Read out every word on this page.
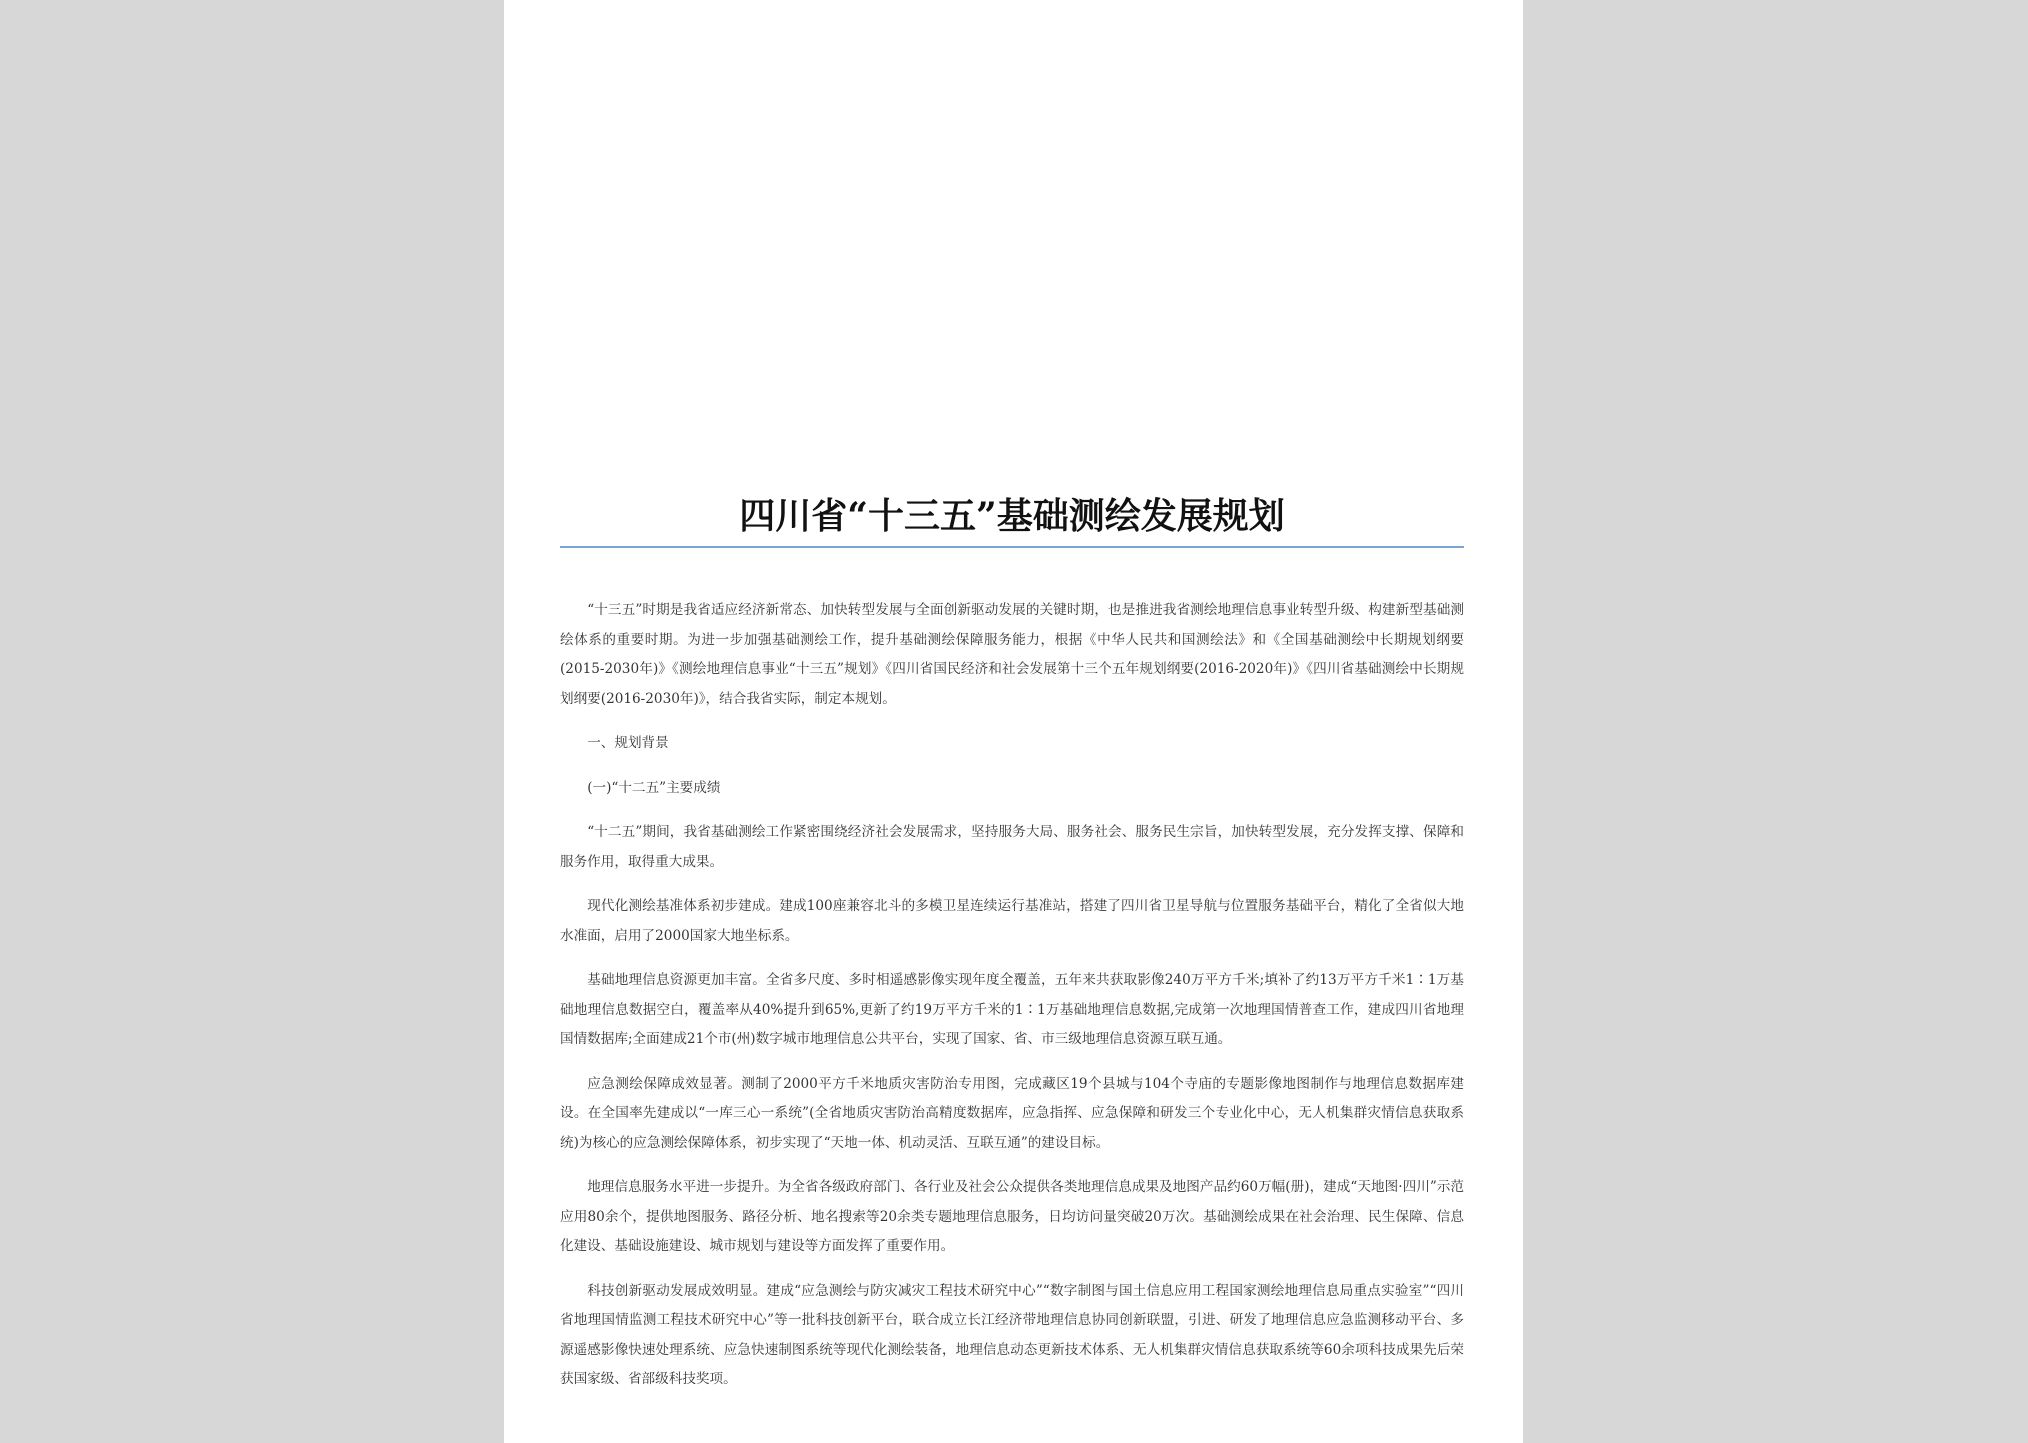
四川省“十三五”基础测绘发展规划

“十三五”时期是我省适应经济新常态、加快转型发展与全面创新驱动发展的关键时期，也是推进我省测绘地理信息事业转型升级、构建新型基础测绘体系的重要时期。为进一步加强基础测绘工作，提升基础测绘保障服务能力，根据《中华人民共和国测绘法》和《全国基础测绘中长期规划纲要(2015-2030年)》《测绘地理信息事业“十三五”规划》《四川省国民经济和社会发展第十三个五年规划纲要(2016-2020年)》《四川省基础测绘中长期规划纲要(2016-2030年)》，结合我省实际，制定本规划。

一、规划背景

(一)“十二五”主要成绩

“十二五”期间，我省基础测绘工作紧密围绕经济社会发展需求，坚持服务大局、服务社会、服务民生宗旨，加快转型发展，充分发挥支撑、保障和服务作用，取得重大成果。

现代化测绘基准体系初步建成。建成100座兼容北斗的多模卫星连续运行基准站，搭建了四川省卫星导航与位置服务基础平台，精化了全省似大地水准面，启用了2000国家大地坐标系。

基础地理信息资源更加丰富。全省多尺度、多时相遥感影像实现年度全覆盖，五年来共获取影像240万平方千米;填补了约13万平方千米1∶1万基础地理信息数据空白，覆盖率从40%提升到65%,更新了约19万平方千米的1∶1万基础地理信息数据,完成第一次地理国情普查工作，建成四川省地理国情数据库;全面建成21个市(州)数字城市地理信息公共平台，实现了国家、省、市三级地理信息资源互联互通。

应急测绘保障成效显著。测制了2000平方千米地质灾害防治专用图，完成藏区19个县城与104个寺庙的专题影像地图制作与地理信息数据库建设。在全国率先建成以“一库三心一系统”(全省地质灾害防治高精度数据库，应急指挥、应急保障和研发三个专业化中心，无人机集群灾情信息获取系统)为核心的应急测绘保障体系，初步实现了“天地一体、机动灵活、互联互通”的建设目标。

地理信息服务水平进一步提升。为全省各级政府部门、各行业及社会公众提供各类地理信息成果及地图产品约60万幅(册)，建成“天地图·四川”示范应用80余个，提供地图服务、路径分析、地名搜索等20余类专题地理信息服务，日均访问量突破20万次。基础测绘成果在社会治理、民生保障、信息化建设、基础设施建设、城市规划与建设等方面发挥了重要作用。

科技创新驱动发展成效明显。建成“应急测绘与防灾减灾工程技术研究中心”“数字制图与国土信息应用工程国家测绘地理信息局重点实验室”“四川省地理国情监测工程技术研究中心”等一批科技创新平台，联合成立长江经济带地理信息协同创新联盟，引进、研发了地理信息应急监测移动平台、多源遥感影像快速处理系统、应急快速制图系统等现代化测绘装备，地理信息动态更新技术体系、无人机集群灾情信息获取系统等60余项科技成果先后荣获国家级、省部级科技奖项。
